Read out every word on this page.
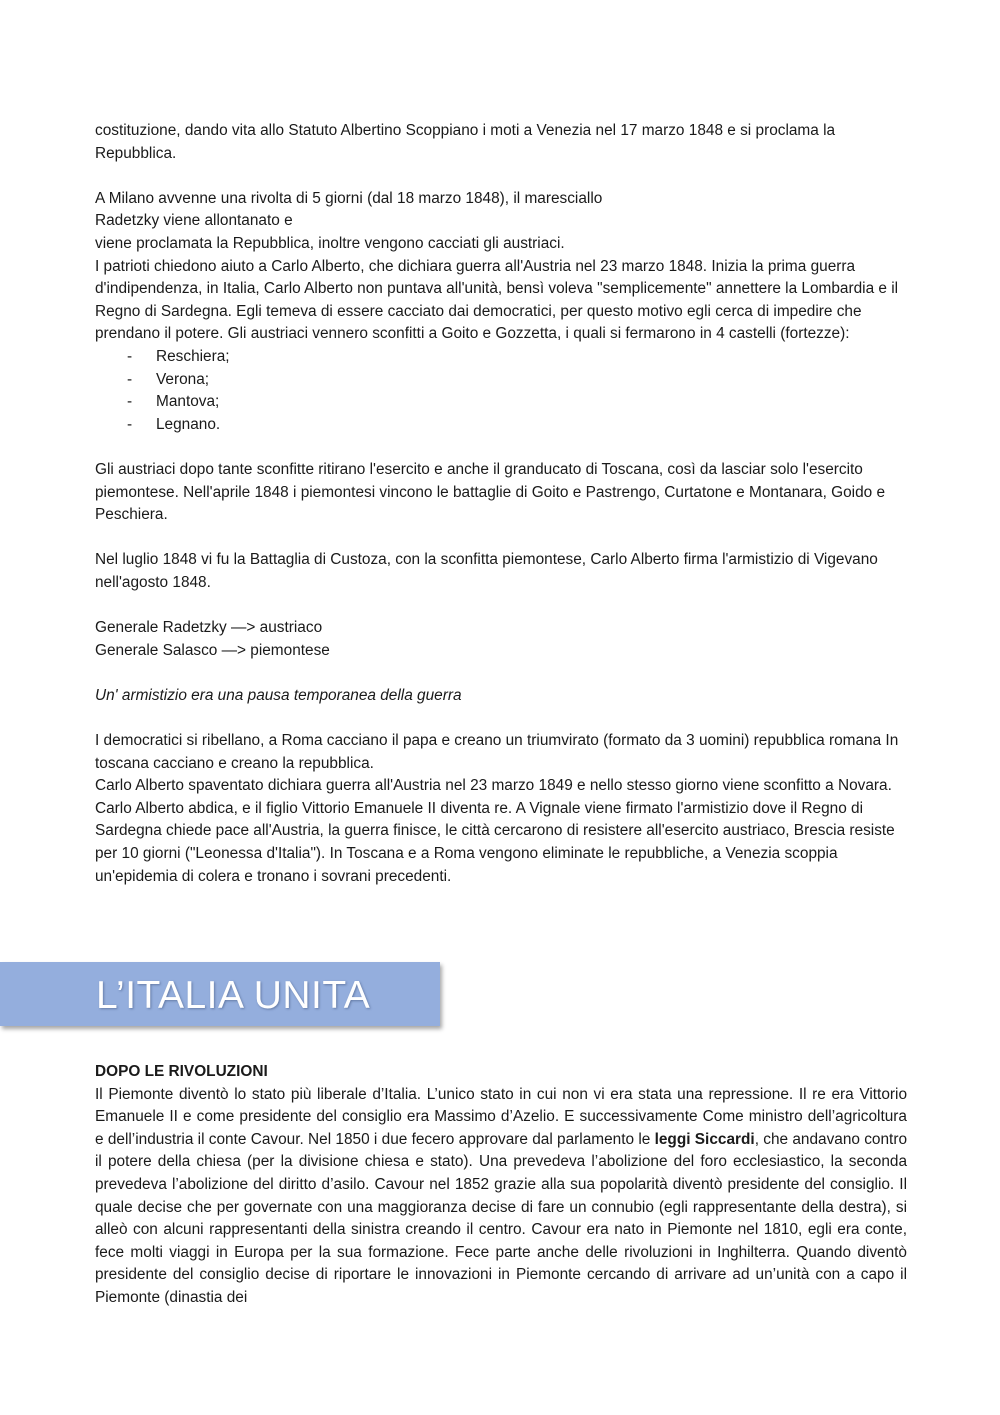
costituzione, dando vita allo Statuto Albertino Scoppiano i moti a Venezia nel 17 marzo 1848 e si proclama la Repubblica.

A Milano avvenne una rivolta di 5 giorni (dal 18 marzo 1848), il maresciallo
Radetzky viene allontanato e
viene proclamata la Repubblica, inoltre vengono cacciati gli austriaci.

I patrioti chiedono aiuto a Carlo Alberto, che dichiara guerra all'Austria nel 23 marzo 1848. Inizia la prima guerra d'indipendenza, in Italia, Carlo Alberto non puntava all'unità, bensì voleva "semplicemente" annettere la Lombardia e il Regno di Sardegna. Egli temeva di essere cacciato dai democratici, per questo motivo egli cerca di impedire che prendano il potere. Gli austriaci vennero sconfitti a Goito e Gozzetta, i quali si fermarono in 4 castelli (fortezze):

-	Reschiera;
-	Verona;
-	Mantova;
-	Legnano.

Gli austriaci dopo tante sconfitte ritirano l'esercito e anche il granducato di Toscana, così da lasciar solo l'esercito piemontese. Nell'aprile 1848 i piemontesi vincono le battaglie di Goito e Pastrengo, Curtatone e Montanara, Goido e Peschiera.

Nel luglio 1848 vi fu la Battaglia di Custoza, con la sconfitta piemontese, Carlo Alberto firma l'armistizio di Vigevano nell'agosto 1848.

Generale Radetzky —> austriaco
Generale Salasco —> piemontese

Un' armistizio era una pausa temporanea della guerra

I democratici si ribellano, a Roma cacciano il papa e creano un triumvirato (formato da 3 uomini) repubblica romana In toscana cacciano e creano la repubblica.

Carlo Alberto spaventato dichiara guerra all'Austria nel 23 marzo 1849 e nello stesso giorno viene sconfitto a Novara. Carlo Alberto abdica, e il figlio Vittorio Emanuele II diventa re. A Vignale viene firmato l'armistizio dove il Regno di Sardegna chiede pace all'Austria, la guerra finisce, le città cercarono di resistere all'esercito austriaco, Brescia resiste per 10 giorni ("Leonessa d'Italia"). In Toscana e a Roma vengono eliminate le repubbliche, a Venezia scoppia un'epidemia di colera e tronano i sovrani precedenti.

L’ITALIA UNITA

DOPO LE RIVOLUZIONI

Il Piemonte diventò lo stato più liberale d’Italia. L’unico stato in cui non vi era stata una repressione. Il re era Vittorio Emanuele II e come presidente del consiglio era Massimo d’Azelio. E successivamente Come ministro dell’agricoltura e dell’industria il conte Cavour. Nel 1850 i due fecero approvare dal parlamento le leggi Siccardi, che andavano contro il potere della chiesa (per la divisione chiesa e stato). Una prevedeva l’abolizione del foro ecclesiastico, la seconda prevedeva l’abolizione del diritto d’asilo. Cavour nel 1852 grazie alla sua popolarità diventò presidente del consiglio. Il quale decise che per governate con una maggioranza decise di fare un connubio (egli rappresentante della destra), si alleò con alcuni rappresentanti della sinistra creando il centro. Cavour era nato in Piemonte nel 1810, egli era conte, fece molti viaggi in Europa per la sua formazione. Fece parte anche delle rivoluzioni in Inghilterra. Quando diventò presidente del consiglio decise di riportare le innovazioni in Piemonte cercando di arrivare ad un’unità con a capo il Piemonte (dinastia dei
